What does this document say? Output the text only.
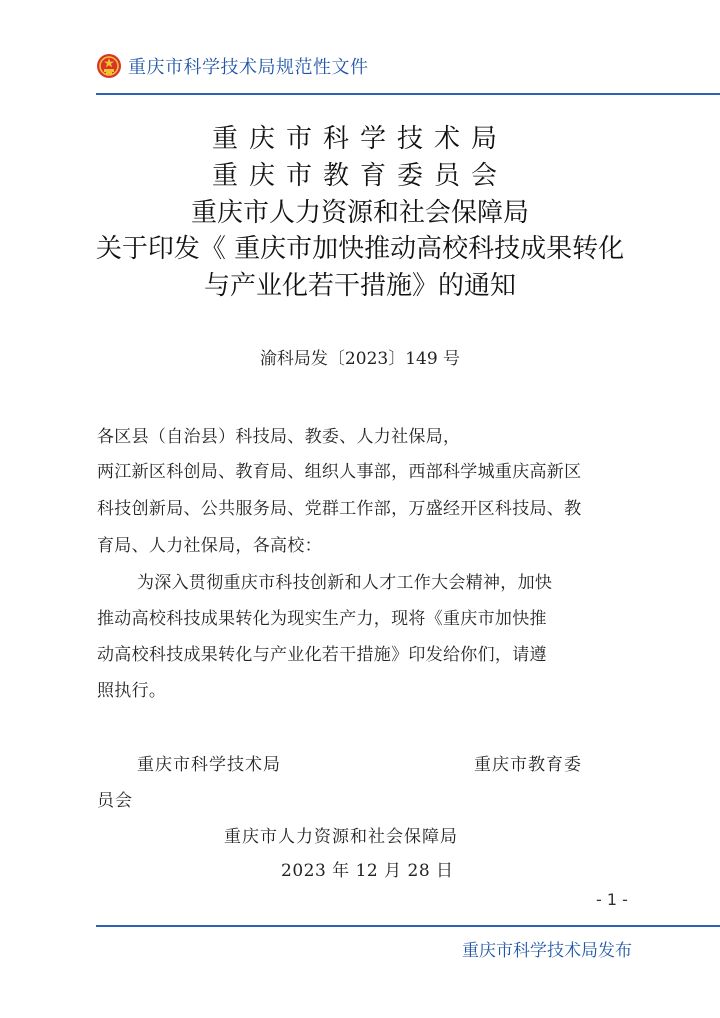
重庆市科学技术局规范性文件
重庆市科学技术局
重庆市教育委员会
重庆市人力资源和社会保障局
关于印发《 重庆市加快推动高校科技成果转化
与产业化若干措施》的通知
渝科局发〔2023〕149 号
各区县（自治县）科技局、教委、人力社保局，
两江新区科创局、教育局、组织人事部，西部科学城重庆高新区
科技创新局、公共服务局、党群工作部，万盛经开区科技局、教
育局、人力社保局，各高校：
为深入贯彻重庆市科技创新和人才工作大会精神，加快
推动高校科技成果转化为现实生产力，现将《重庆市加快推
动高校科技成果转化与产业化若干措施》印发给你们，请遵
照执行。
重庆市科学技术局	重庆市教育委
员会
重庆市人力资源和社会保障局
2023 年 12 月 28 日
- 1 -
重庆市科学技术局发布
